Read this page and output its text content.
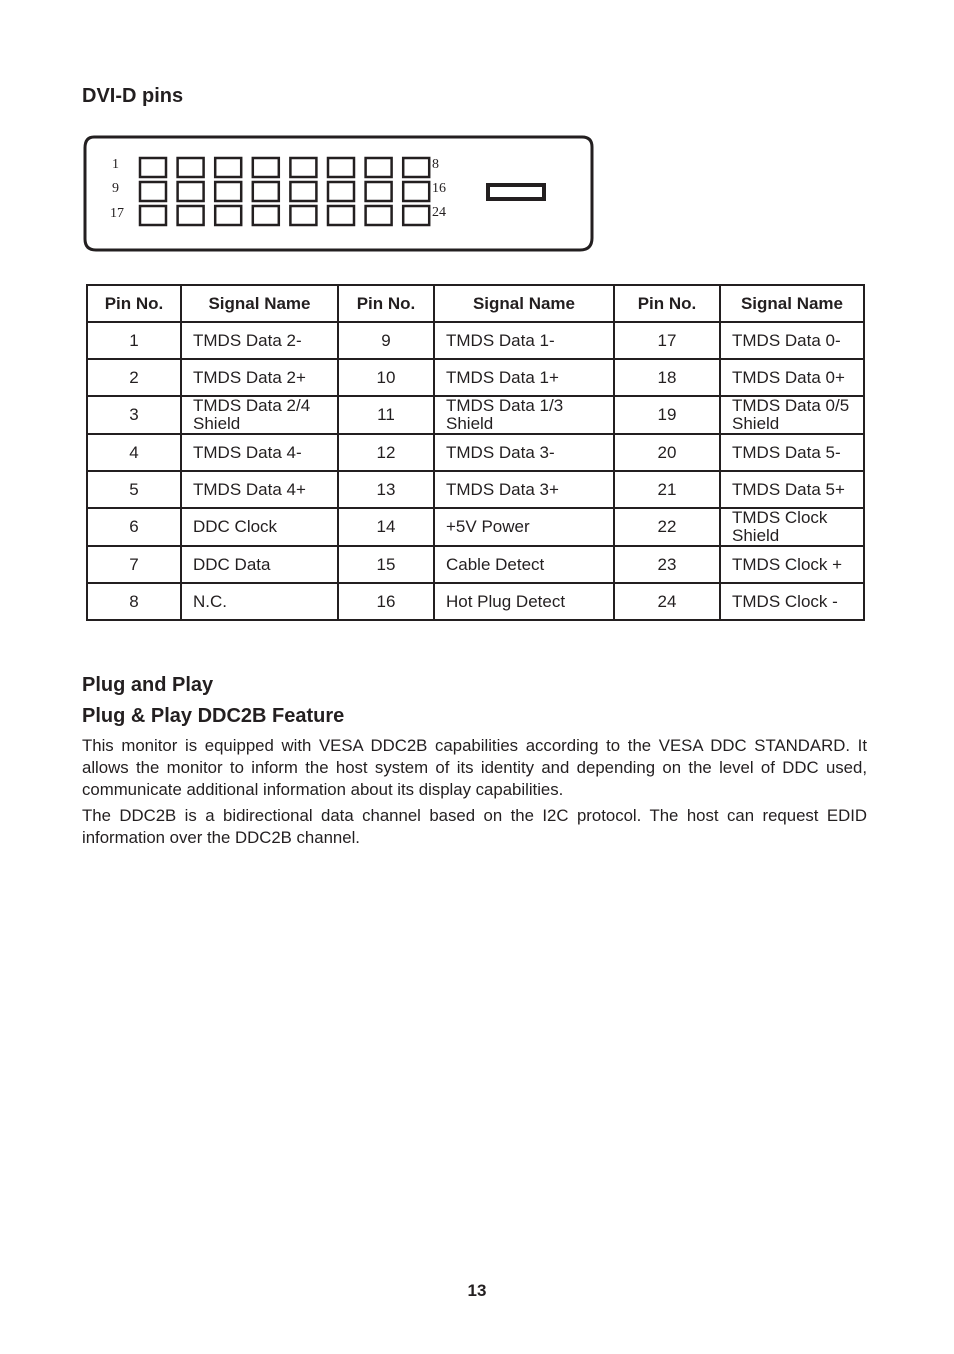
DVI-D pins
1
9
17
8
16
24
Pin No.	Signal Name	Pin No.	Signal Name	Pin No.	Signal Name
1	TMDS Data 2-	9	TMDS Data 1-	17	TMDS Data 0-
2	TMDS Data 2+	10	TMDS Data 1+	18	TMDS Data 0+
3	TMDS Data 2/4 Shield	11	TMDS Data 1/3 Shield	19	TMDS Data 0/5 Shield
4	TMDS Data 4-	12	TMDS Data 3-	20	TMDS Data 5-
5	TMDS Data 4+	13	TMDS Data 3+	21	TMDS Data 5+
6	DDC Clock	14	+5V Power	22	TMDS Clock Shield
7	DDC Data	15	Cable Detect	23	TMDS Clock +
8	N.C.	16	Hot Plug Detect	24	TMDS Clock -
Plug and Play
Plug & Play DDC2B Feature

This monitor is equipped with VESA DDC2B capabilities according to the VESA DDC STANDARD. It allows the monitor to inform the host system of its identity and depending on the level of DDC used, communicate additional information about its display capabilities.

The DDC2B is a bidirectional data channel based on the I2C protocol. The host can request EDID information over the DDC2B channel.

13
